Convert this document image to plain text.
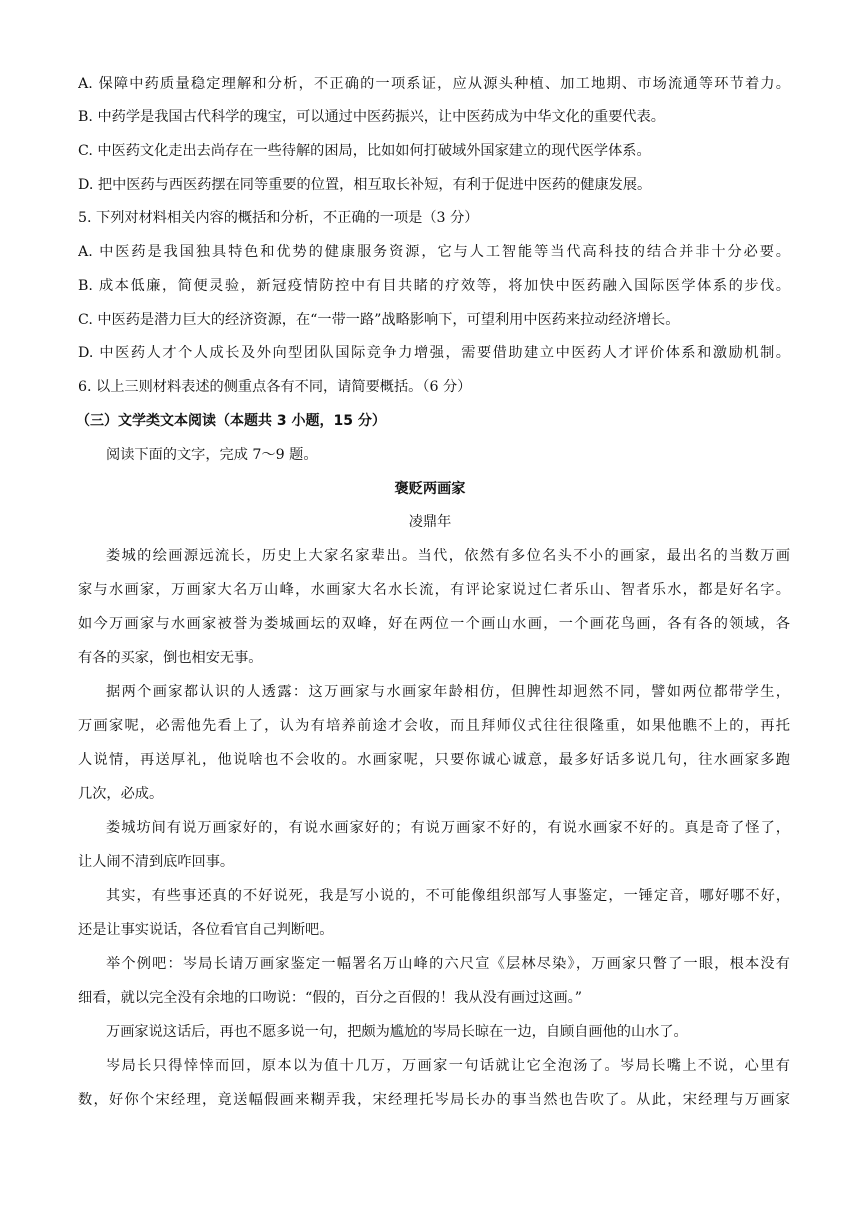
A. 保障中药质量稳定理解和分析，不正确的一项系证，应从源头种植、加工地期、市场流通等环节着力。
B. 中药学是我国古代科学的瑰宝，可以通过中医药振兴，让中医药成为中华文化的重要代表。
C. 中医药文化走出去尚存在一些待解的困局，比如如何打破域外国家建立的现代医学体系。
D. 把中医药与西医药摆在同等重要的位置，相互取长补短，有利于促进中医药的健康发展。
5. 下列对材料相关内容的概括和分析，不正确的一项是（3 分）
A. 中医药是我国独具特色和优势的健康服务资源，它与人工智能等当代高科技的结合并非十分必要。
B. 成本低廉，简便灵验，新冠疫情防控中有目共睹的疗效等，将加快中医药融入国际医学体系的步伐。
C. 中医药是潜力巨大的经济资源，在“一带一路”战略影响下，可望利用中医药来拉动经济增长。
D. 中医药人才个人成长及外向型团队国际竞争力增强，需要借助建立中医药人才评价体系和激励机制。
6. 以上三则材料表述的侧重点各有不同，请简要概括。（6 分）
（三）文学类文本阅读（本题共 3 小题，15 分）
阅读下面的文字，完成 7～9 题。
褒贬两画家
凌鼎年
娄城的绘画源远流长，历史上大家名家辈出。当代，依然有多位名头不小的画家，最出名的当数万画
家与水画家，万画家大名万山峰，水画家大名水长流，有评论家说过仁者乐山、智者乐水，都是好名字。
如今万画家与水画家被誉为娄城画坛的双峰，好在两位一个画山水画，一个画花鸟画，各有各的领域，各
有各的买家，倒也相安无事。
据两个画家都认识的人透露：这万画家与水画家年龄相仿，但脾性却迥然不同，譬如两位都带学生，
万画家呢，必需他先看上了，认为有培养前途才会收，而且拜师仪式往往很隆重，如果他瞧不上的，再托
人说情，再送厚礼，他说啥也不会收的。水画家呢，只要你诚心诚意，最多好话多说几句，往水画家多跑
几次，必成。
娄城坊间有说万画家好的，有说水画家好的；有说万画家不好的，有说水画家不好的。真是奇了怪了，
让人闹不清到底咋回事。
其实，有些事还真的不好说死，我是写小说的，不可能像组织部写人事鉴定，一锤定音，哪好哪不好，
还是让事实说话，各位看官自己判断吧。
举个例吧：岑局长请万画家鉴定一幅署名万山峰的六尺宣《层林尽染》，万画家只瞥了一眼，根本没有
细看，就以完全没有余地的口吻说：“假的，百分之百假的！我从没有画过这画。”
万画家说这话后，再也不愿多说一句，把颇为尴尬的岑局长晾在一边，自顾自画他的山水了。
岑局长只得悻悻而回，原本以为值十几万，万画家一句话就让它全泡汤了。岑局长嘴上不说，心里有
数，好你个宋经理，竟送幅假画来糊弄我，宋经理托岑局长办的事当然也告吹了。从此，宋经理与万画家
